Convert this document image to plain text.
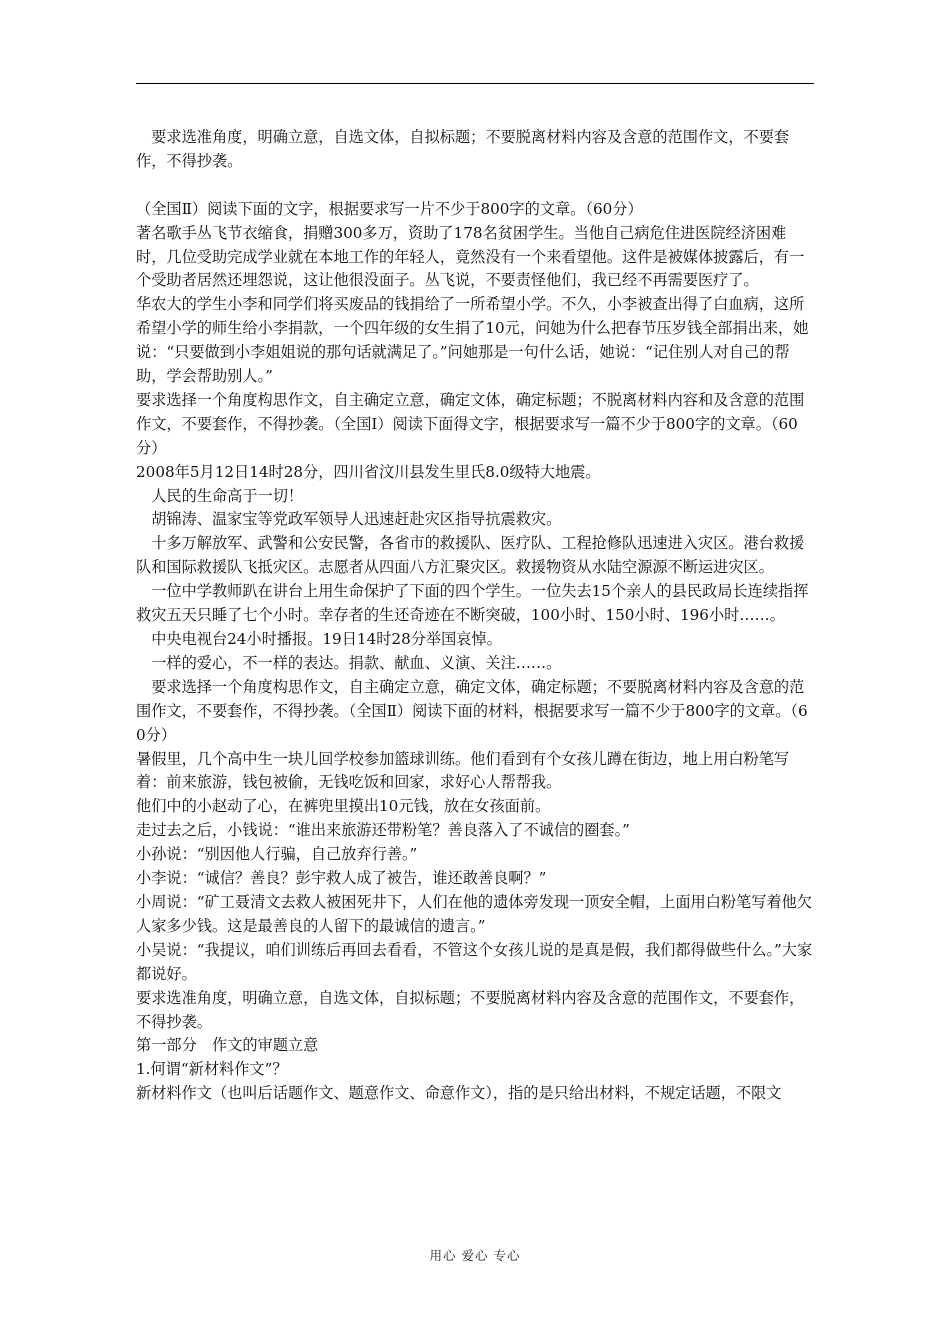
要求选准角度，明确立意，自选文体，自拟标题；不要脱离材料内容及含意的范围作文，不要套作，不得抄袭。

（全国Ⅱ）阅读下面的文字，根据要求写一片不少于800字的文章。（60分）

著名歌手丛飞节衣缩食，捐赠300多万，资助了178名贫困学生。当他自己病危住进医院经济困难时，几位受助完成学业就在本地工作的年轻人，竟然没有一个来看望他。这件是被媒体披露后，有一个受助者居然还埋怨说，这让他很没面子。丛飞说，不要责怪他们，我已经不再需要医疗了。

华农大的学生小李和同学们将买废品的钱捐给了一所希望小学。不久，小李被查出得了白血病，这所希望小学的师生给小李捐款，一个四年级的女生捐了10元，问她为什么把春节压岁钱全部捐出来，她说：“只要做到小李姐姐说的那句话就满足了。”问她那是一句什么话，她说：“记住别人对自己的帮助，学会帮助别人。”

要求选择一个角度构思作文，自主确定立意，确定文体，确定标题；不脱离材料内容和及含意的范围作文，不要套作，不得抄袭。（全国Ⅰ）阅读下面得文字，根据要求写一篇不少于800字的文章。（60分）

2008年5月12日14时28分，四川省汶川县发生里氏8.0级特大地震。

人民的生命高于一切！

胡锦涛、温家宝等党政军领导人迅速赶赴灾区指导抗震救灾。

十多万解放军、武警和公安民警，各省市的救援队、医疗队、工程抢修队迅速进入灾区。港台救援队和国际救援队飞抵灾区。志愿者从四面八方汇聚灾区。救援物资从水陆空源源不断运进灾区。

一位中学教师趴在讲台上用生命保护了下面的四个学生。一位失去15个亲人的县民政局长连续指挥救灾五天只睡了七个小时。幸存者的生还奇迹在不断突破，100小时、150小时、196小时……。

中央电视台24小时播报。19日14时28分举国哀悼。

一样的爱心，不一样的表达。捐款、献血、义演、关注……。

要求选择一个角度构思作文，自主确定立意，确定文体，确定标题；不要脱离材料内容及含意的范围作文，不要套作，不得抄袭。（全国Ⅱ）阅读下面的材料，根据要求写一篇不少于800字的文章。（60分）

暑假里，几个高中生一块儿回学校参加篮球训练。他们看到有个女孩儿蹲在街边，地上用白粉笔写着：前来旅游，钱包被偷，无钱吃饭和回家，求好心人帮帮我。

他们中的小赵动了心，在裤兜里摸出10元钱，放在女孩面前。

走过去之后，小钱说：“谁出来旅游还带粉笔？善良落入了不诚信的圈套。”

小孙说：“别因他人行骗，自己放弃行善。”

小李说：“诚信？善良？彭宇救人成了被告，谁还敢善良啊？”

小周说：“矿工聂清文去救人被困死井下，人们在他的遗体旁发现一顶安全帽，上面用白粉笔写着他欠人家多少钱。这是最善良的人留下的最诚信的遗言。”

小吴说：“我提议，咱们训练后再回去看看，不管这个女孩儿说的是真是假，我们都得做些什么。”大家都说好。

要求选准角度，明确立意，自选文体，自拟标题；不要脱离材料内容及含意的范围作文，不要套作，不得抄袭。

第一部分　作文的审题立意

1.何谓“新材料作文”？

新材料作文（也叫后话题作文、题意作文、命意作文），指的是只给出材料，不规定话题，不限文

用心 爱心 专心
